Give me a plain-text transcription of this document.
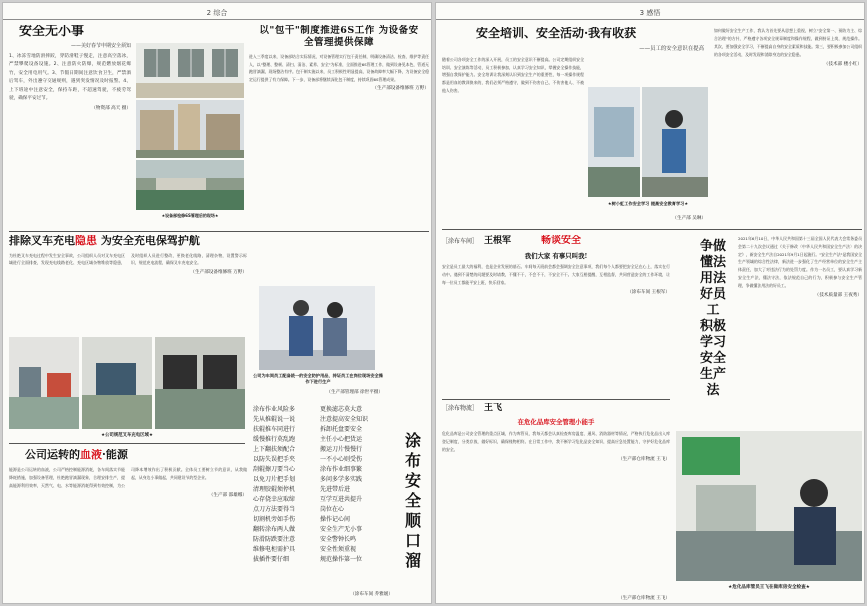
2 综合
安全无小事
——美好春节申期安全须知
1、冰冻雪地防滑摔跤，穿防滑鞋子慢走，注意高空落冰，严禁攀爬设备设施。2、注意防火防爆，规范燃放烟花爆竹，安全用电用气。3、节假日期间注意饮食卫生，严禁酒后驾车，外出遵守交通规则，遇到突发情况及时报警。4、上下班途中注意安全，保持车距，不超速驾驶，不疲劳驾驶，确保平安过节。
（物资部 高天 摄）
★设备部检修6S管理后的现场★
以"包干"制度推进6S工作 为设备安全管理提供保障
进入三季度以来，设备部结合实际情况，对设备管理实行包干责任制，明确设备清洁、检查、维护等责任人，以"整理、整顿、清扫、清洁、素养、安全"为标准，全面推进6S管理工作，做到设备见本色，管道无跑冒滴漏，现场整洁有序。包干制实施以来，员工积极性明显提高，设备故障率大幅下降，为设备安全稳定运行提供了有力保障。下一步，设备部将继续深化包干制度，持续巩固6S管理成果。
（生产部设备维修班 万野）
排除叉车充电隐患 为安全充电保驾护航
为杜绝叉车充电过程中发生安全事故，公司组织人员对叉车充电区域进行全面排查，发现充电线路老化、充电区域杂物堆放等隐患，及时组织人员进行整改，更换老化线路，清理杂物，设置警示标识，规范充电流程，确保叉车充电安全。
（生产部设备维修班 万野）
★公司规范叉车充电区域★
公司为车间员工配备统一的安全防护用品，持证员工在岗位现场安全操作下进行生产
（生产部管理部 徐世平摄）
公司运转的血液·能源
能源是公司运转的血液，公司严格控制能源消耗，各车间落实节能降耗措施，加强设备管理，杜绝跑冒滴漏现象，合理安排生产，提高能源利用效率，天然气、电、水等能源消耗得到有效控制，为公司降本增效作出了积极贡献。全体员工要树立节约意识，从我做起，从身边小事做起，共同建设节约型企业。
（生产部 邵雄娜）
涂布作业风险多
先从推辊说一说
扶辊推车同进行
缓慢推行莫乱跑
上下翻扶须配合
以防失误把手夹
刮辊擦刀要当心
以免刀片把手划
清理胶辊须停机
心存侥幸应取缔
点刀方法要得当
切割机旁如手伤
翻转涂布两人做
防滑防跌要注意
维修电柜需护具
拔插件要仔细
更换滤芯莫大意
注意提高安全知识
拆卸托盘要安全
主任小心把货运
搬运刀片慢慢行
一不小心则受伤
涂布作业细事繁
多问多学多实践
先进带后进
互学互进共提升
岗位在心
操作记心间
安全生产无小事
安全警钟长鸣
安全性须重视
规范操作第一位
涂布安全顺口溜
（涂布车间 乔雅媛）
3 感悟
安全培训、安全活动·我有收获
——员工的安全意识在提高
随着公司各项安全工作的深入开展，员工的安全意识不断提高。公司定期组织安全培训、安全演练等活动，员工积极参加，认真学习安全知识，掌握安全操作技能，增强自我保护能力。安全培训让我深刻认识到安全生产的重要性，每一项操作规程都是用血的教训换来的，我们必须严格遵守，做到不伤害自己、不伤害他人、不被他人伤害。
★树小虹工作安全学习 提高安全教育学习★
（生产部 吴琳）
如何做好安全生产工作，我认为首先要从思想上重视，树立"安全第一、预防为主、综合治理"的方针，严格遵守各项安全规章制度和操作规程，做到持证上岗，规范操作。其次，要加强安全学习，不断提高自身的安全素质和技能。第三，要积极参加公司组织的各项安全活动，及时发现和消除身边的安全隐患。
（技术部 楼小红）
［涂布车间］ 王根军	畅谈安全
我们大家 有事只叫我!
安全是员工最大的福利，也是企业发展的基石。车间每天班前会都会强调安全注意事项，我们每个人都要把安全记在心上，落实在行动中。遇到不清楚的问题要及时请教，不懂不干，不会不干，不安全不干。大家互相提醒，互相监督，共同营造安全的工作环境，让每一位员工都能平安上班，快乐回家。
（涂布车间 王根军）
争做懂法用法好员工 积极学习安全生产法
2021年6月10日，中华人民共和国第十三届全国人民代表大会常务委员会第二十九次会议通过《关于修改〈中华人民共和国安全生产法〉的决定》，新安全生产法自2021年9月1日起施行。"安全生产法"是我国安全生产领域的综合性法律，新法进一步强化了生产经营单位的安全生产主体责任，加大了对违法行为的处罚力度。作为一名员工，要认真学习新安全生产法，懂法守法，依法规范自己的行为，积极参与安全生产管理，争做懂法用法的好员工。
（技术质量部 王夜秀）
［涂布物流］ 王飞
在危化品库安全管理小能手
危化品库是公司安全管理的重点区域，作为库管员，我每天都会认真检查库房温度、通风、消防器材等情况，严格执行危化品出入库登记制度，分类存放，做好标识，确保账物相符。在日常工作中，我不断学习危化品安全知识，提高应急处置能力，守护好危化品库的安全。
（生产部仓库物流 王飞）
★危化品库管员王飞在做库房安全检查★
（生产部仓库物流 王飞）
